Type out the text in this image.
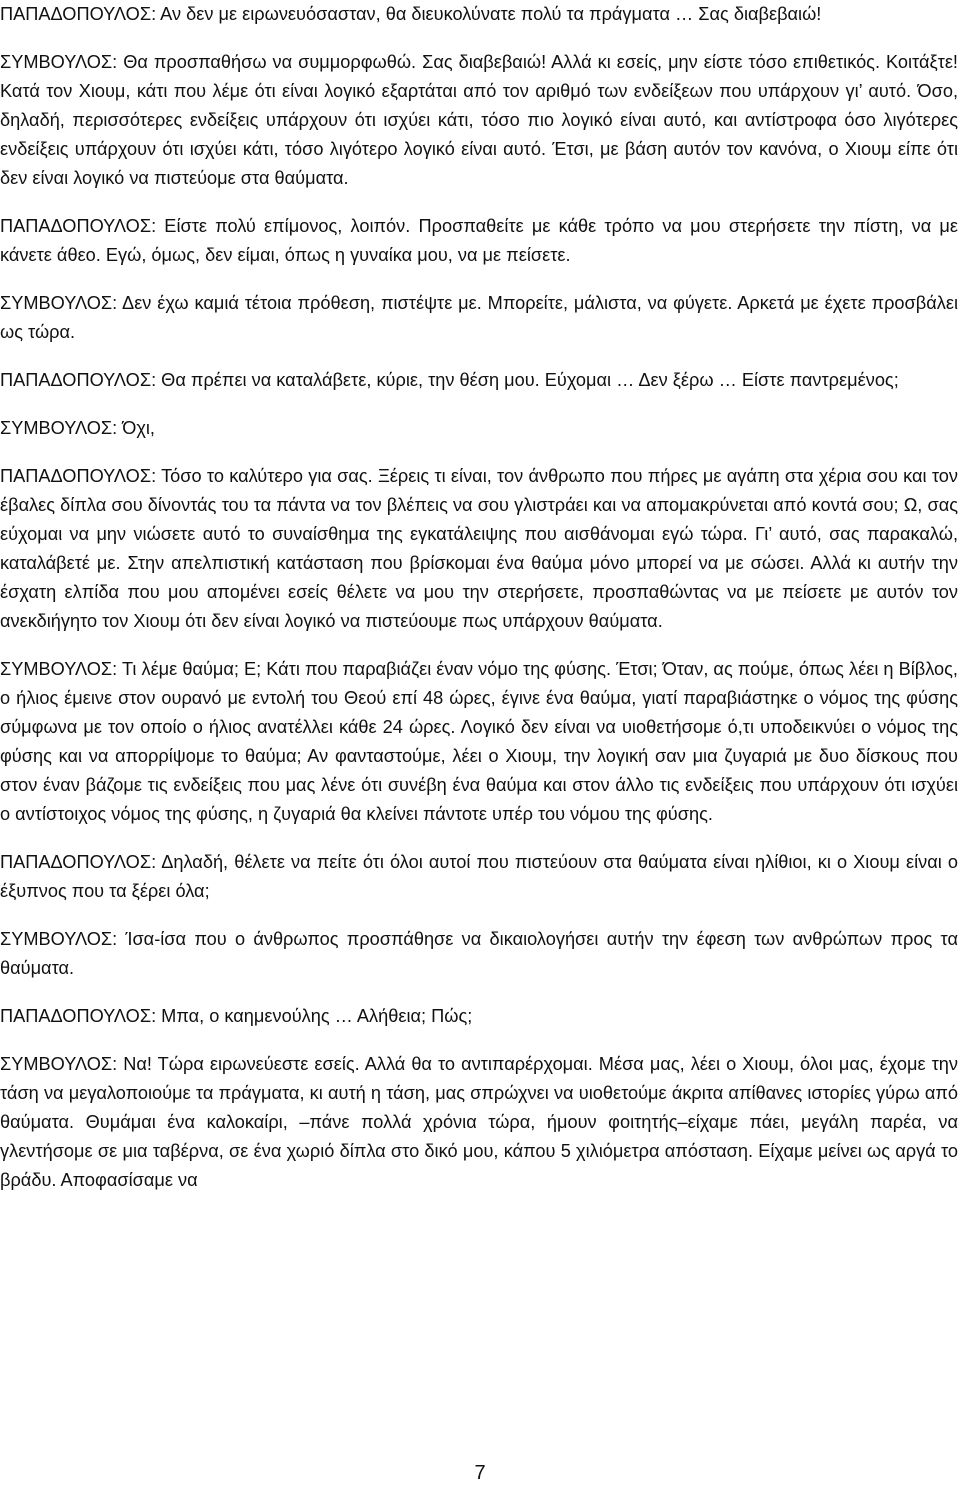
ΠΑΠΑΔΟΠΟΥΛΟΣ: Αν δεν με ειρωνευόσασταν, θα διευκολύνατε πολύ τα πράγματα … Σας διαβεβαιώ!

ΣΥΜΒΟΥΛΟΣ: Θα προσπαθήσω να συμμορφωθώ. Σας διαβεβαιώ! Αλλά κι εσείς, μην είστε τόσο επιθετικός. Κοιτάξτε! Κατά τον Χιουμ, κάτι που λέμε ότι είναι λογικό εξαρτάται από τον αριθμό των ενδείξεων που υπάρχουν γι’ αυτό. Όσο, δηλαδή, περισσότερες ενδείξεις υπάρχουν ότι ισχύει κάτι, τόσο πιο λογικό είναι αυτό, και αντίστροφα όσο λιγότερες ενδείξεις υπάρχουν ότι ισχύει κάτι, τόσο λιγότερο λογικό είναι αυτό. Έτσι, με βάση αυτόν τον κανόνα, ο Χιουμ είπε ότι δεν είναι λογικό να πιστεύομε στα θαύματα.

ΠΑΠΑΔΟΠΟΥΛΟΣ: Είστε πολύ επίμονος, λοιπόν. Προσπαθείτε με κάθε τρόπο να μου στερήσετε την πίστη, να με κάνετε άθεο. Εγώ, όμως, δεν είμαι, όπως η γυναίκα μου, να με πείσετε.

ΣΥΜΒΟΥΛΟΣ: Δεν έχω καμιά τέτοια πρόθεση, πιστέψτε με. Μπορείτε, μάλιστα, να φύγετε. Αρκετά με έχετε προσβάλει ως τώρα.

ΠΑΠΑΔΟΠΟΥΛΟΣ: Θα πρέπει να καταλάβετε, κύριε, την θέση μου. Εύχομαι … Δεν ξέρω … Είστε παντρεμένος;

ΣΥΜΒΟΥΛΟΣ: Όχι,

ΠΑΠΑΔΟΠΟΥΛΟΣ: Τόσο το καλύτερο για σας. Ξέρεις τι είναι, τον άνθρωπο που πήρες με αγάπη στα χέρια σου και τον έβαλες δίπλα σου δίνοντάς του τα πάντα να τον βλέπεις να σου γλιστράει και να απομακρύνεται από κοντά σου; Ω, σας εύχομαι να μην νιώσετε αυτό το συναίσθημα της εγκατάλειψης που αισθάνομαι εγώ τώρα. Γι’ αυτό, σας παρακαλώ, καταλάβετέ με. Στην απελπιστική κατάσταση που βρίσκομαι ένα θαύμα μόνο μπορεί να με σώσει. Αλλά κι αυτήν την έσχατη ελπίδα που μου απομένει εσείς θέλετε να μου την στερήσετε, προσπαθώντας να με πείσετε με αυτόν τον ανεκδιήγητο τον Χιουμ ότι δεν είναι λογικό να πιστεύουμε πως υπάρχουν θαύματα.

ΣΥΜΒΟΥΛΟΣ: Τι λέμε θαύμα; Ε; Κάτι που παραβιάζει έναν νόμο της φύσης. Έτσι; Όταν, ας πούμε, όπως λέει η Βίβλος, ο ήλιος έμεινε στον ουρανό με εντολή του Θεού επί 48 ώρες, έγινε ένα θαύμα, γιατί παραβιάστηκε ο νόμος της φύσης σύμφωνα με τον οποίο ο ήλιος ανατέλλει κάθε 24 ώρες. Λογικό δεν είναι να υιοθετήσομε ό,τι υποδεικνύει ο νόμος της φύσης και να απορρίψομε το θαύμα; Αν φανταστούμε, λέει ο Χιουμ, την λογική σαν μια ζυγαριά με δυο δίσκους που στον έναν βάζομε τις ενδείξεις που μας λένε ότι συνέβη ένα θαύμα και στον άλλο τις ενδείξεις που υπάρχουν ότι ισχύει ο αντίστοιχος νόμος της φύσης, η ζυγαριά θα κλείνει πάντοτε υπέρ του νόμου της φύσης.

ΠΑΠΑΔΟΠΟΥΛΟΣ: Δηλαδή, θέλετε να πείτε ότι όλοι αυτοί που πιστεύουν στα θαύματα είναι ηλίθιοι, κι ο Χιουμ είναι ο έξυπνος που τα ξέρει όλα;

ΣΥΜΒΟΥΛΟΣ: Ίσα-ίσα που ο άνθρωπος προσπάθησε να δικαιολογήσει αυτήν την έφεση των ανθρώπων προς τα θαύματα.

ΠΑΠΑΔΟΠΟΥΛΟΣ: Μπα, ο καημενούλης … Αλήθεια; Πώς;

ΣΥΜΒΟΥΛΟΣ: Να! Τώρα ειρωνεύεστε εσείς. Αλλά θα το αντιπαρέρχομαι. Μέσα μας, λέει ο Χιουμ, όλοι μας, έχομε την τάση να μεγαλοποιούμε τα πράγματα, κι αυτή η τάση, μας σπρώχνει να υιοθετούμε άκριτα απίθανες ιστορίες γύρω από θαύματα. Θυμάμαι ένα καλοκαίρι, –πάνε πολλά χρόνια τώρα, ήμουν φοιτητής–είχαμε πάει, μεγάλη παρέα, να γλεντήσομε σε μια ταβέρνα, σε ένα χωριό δίπλα στο δικό μου, κάπου 5 χιλιόμετρα απόσταση. Είχαμε μείνει ως αργά το βράδυ. Αποφασίσαμε να

7
